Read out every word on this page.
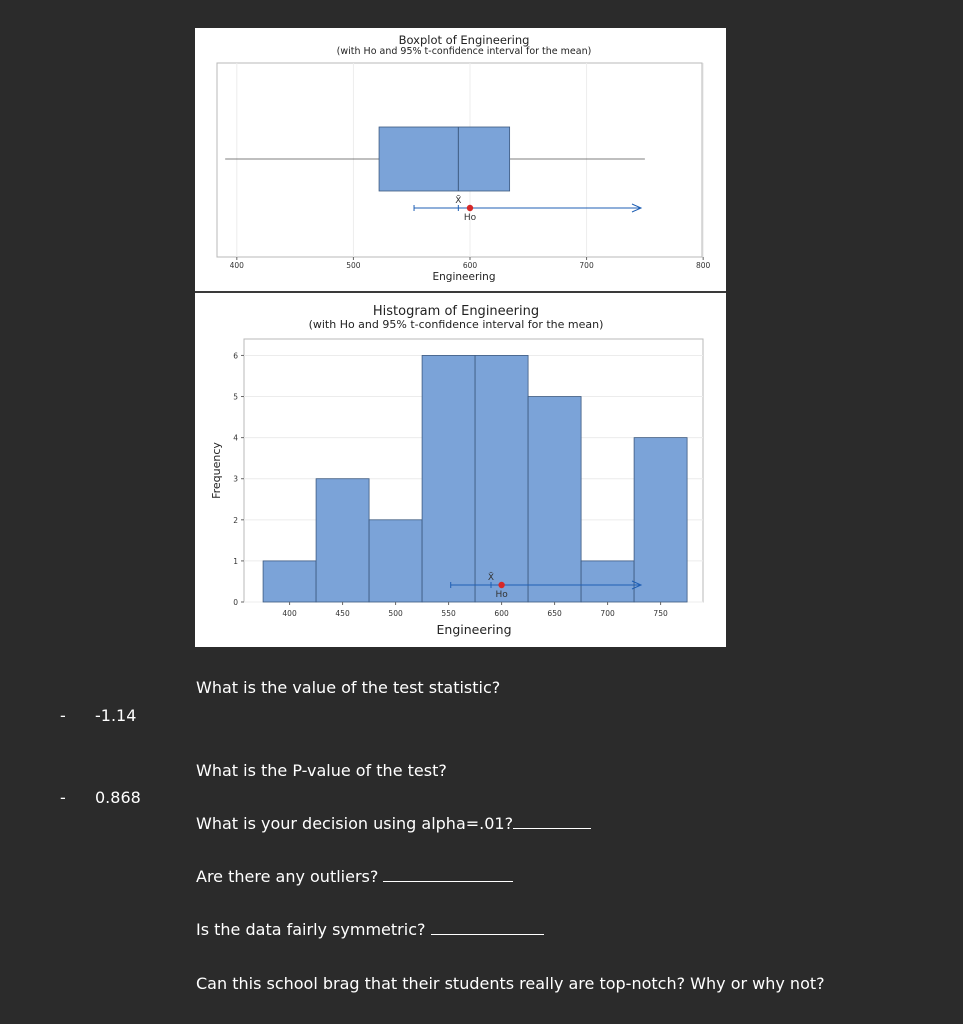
Boxplot of Engineering
(with Ho and 95% t-confidence interval for the mean)
400	500	600	700	800
X̄
Ho
Engineering
Histogram of Engineering
(with Ho and 95% t-confidence interval for the mean)
0
1
2
3
4
5
6
400	450	500	550	600	650	700	750
X̄
Ho
Engineering
Frequency
What is the value of the test statistic?
- -1.14
What is the P-value of the test?
- 0.868
What is your decision using alpha=.01?
Are there any outliers?
Is the data fairly symmetric?
Can this school brag that their students really are top-notch? Why or why not?
